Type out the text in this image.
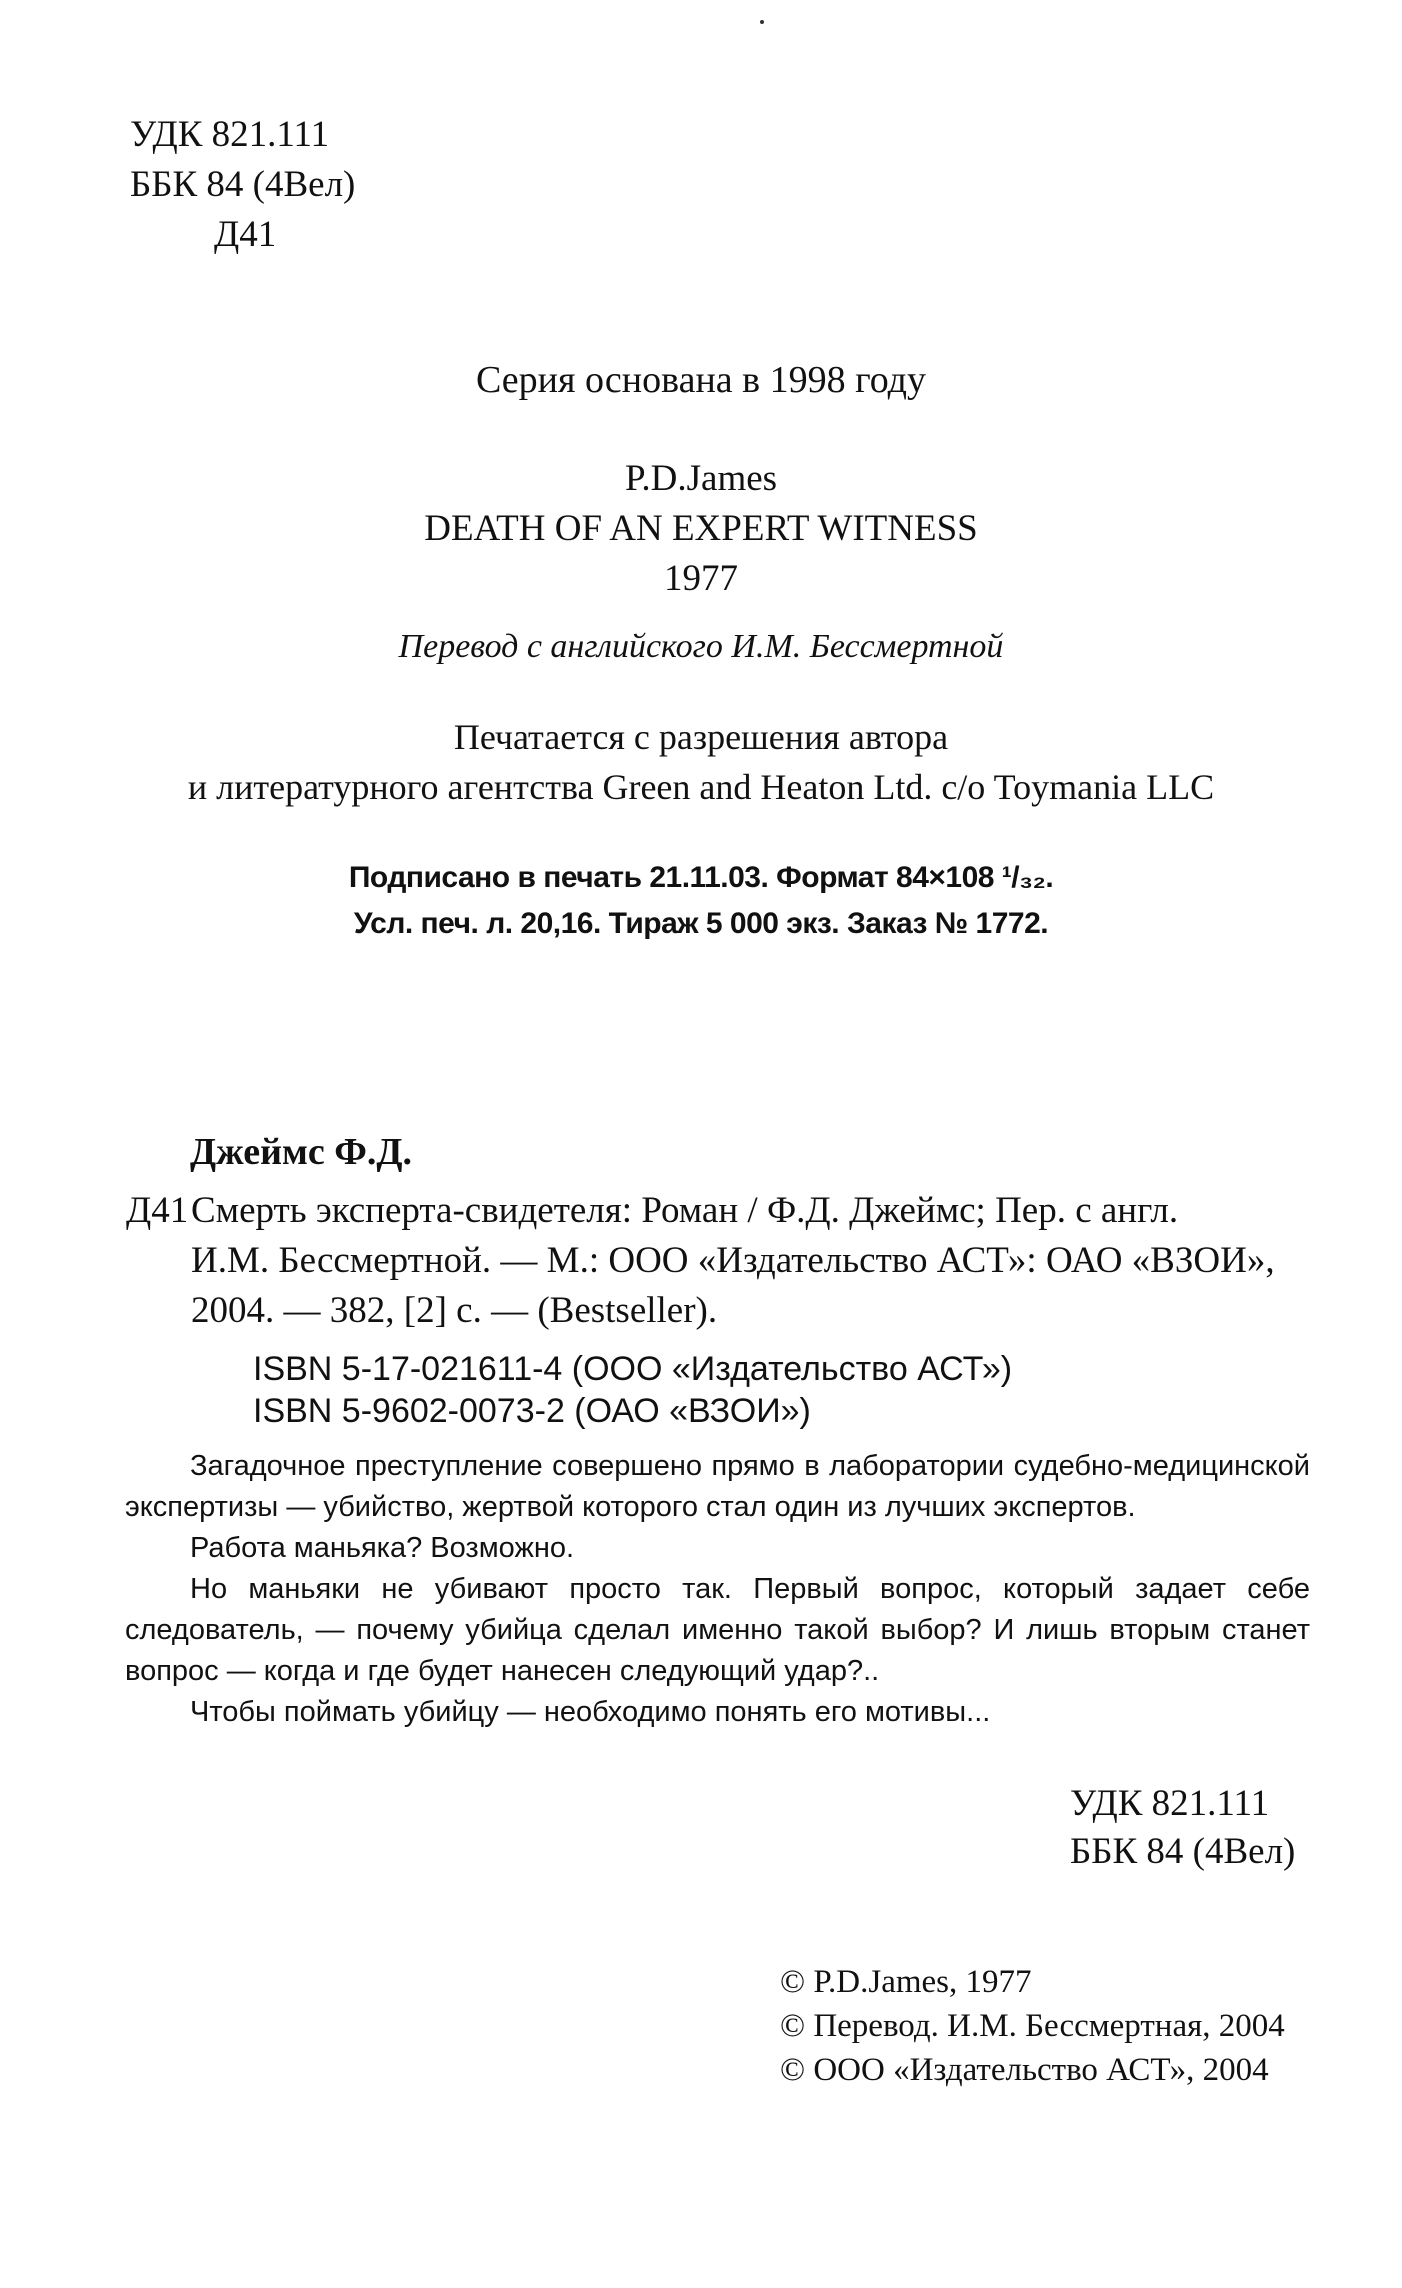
УДК 821.111
ББК 84 (4Вел)
Д41
Серия основана в 1998 году
P.D.James
DEATH OF AN EXPERT WITNESS
1977
Перевод с английского И.М. Бессмертной
Печатается с разрешения автора
и литературного агентства Green and Heaton Ltd. c/o Toymania LLC
Подписано в печать 21.11.03. Формат 84×108 ¹/₃₂.
Усл. печ. л. 20,16. Тираж 5 000 экз. Заказ № 1772.
Джеймс Ф.Д.
Д41Смерть эксперта-свидетеля: Роман / Ф.Д. Джеймс; Пер. с англ.
И.М. Бессмертной. — М.: ООО «Издательство АСТ»: ОАО «ВЗОИ»,
2004. — 382, [2] с. — (Bestseller).
ISBN 5-17-021611-4 (ООО «Издательство АСТ»)
ISBN 5-9602-0073-2 (ОАО «ВЗОИ»)

Загадочное преступление совершено прямо в лаборатории судебно-медицинской экспертизы — убийство, жертвой которого стал один из лучших экспертов.

Работа маньяка? Возможно.

Но маньяки не убивают просто так. Первый вопрос, который задает себе следователь, — почему убийца сделал именно такой выбор? И лишь вторым станет вопрос — когда и где будет нанесен следующий удар?..

Чтобы поймать убийцу — необходимо понять его мотивы...

УДК 821.111
ББК 84 (4Вел)
© P.D.James, 1977
© Перевод. И.М. Бессмертная, 2004
© ООО «Издательство АСТ», 2004
